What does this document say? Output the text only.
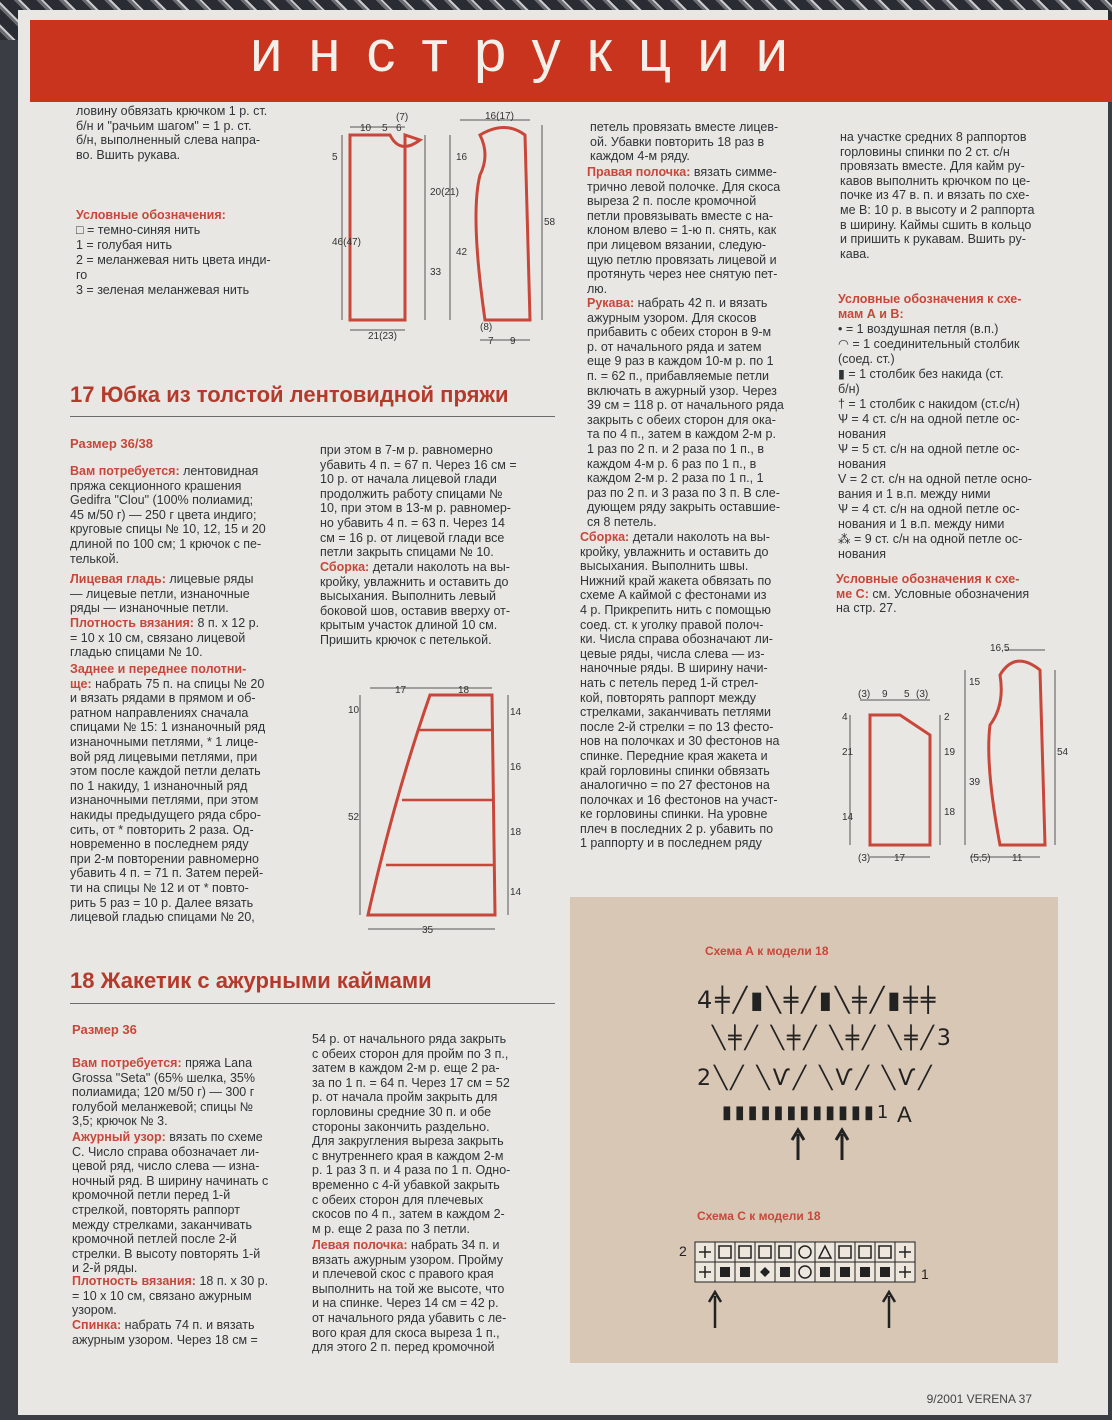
инструкции

ловину обвязать крючком 1 р. ст.
б/н и "рачьим шагом" = 1 р. ст.
б/н, выполненный слева напра-
во. Вшить рукава.

Условные обозначения:
□ = темно-синяя нить
1 = голубая нить
2 = меланжевая нить цвета инди-
го
3 = зеленая меланжевая нить
(7)
10 5 6
5
20(21)
46(47)
33
21(23)
16(17)
16
42
58
(8)
7 9

петель провязать вместе лицев-
ой. Убавки повторить 18 раз в
каждом 4-м ряду.

Правая полочка: вязать симме-
трично левой полочке. Для скоса
выреза 2 п. после кромочной
петли провязывать вместе с на-
клоном влево = 1-ю п. снять, как
при лицевом вязании, следую-
щую петлю провязать лицевой и
протянуть через нее снятую пет-
лю.

Рукава: набрать 42 п. и вязать
ажурным узором. Для скосов
прибавить с обеих сторон в 9-м
р. от начального ряда и затем
еще 9 раз в каждом 10-м р. по 1
п. = 62 п., прибавляемые петли
включать в ажурный узор. Через
39 см = 118 р. от начального ряда
закрыть с обеих сторон для ока-
та по 4 п., затем в каждом 2-м р.
1 раз по 2 п. и 2 раза по 1 п., в
каждом 4-м р. 6 раз по 1 п., в
каждом 2-м р. 2 раза по 1 п., 1
раз по 2 п. и 3 раза по 3 п. В сле-
дующем ряду закрыть оставшие-
ся 8 петель.

Сборка: детали наколоть на вы-
кройку, увлажнить и оставить до
высыхания. Выполнить швы.
Нижний край жакета обвязать по
схеме A каймой с фестонами из
4 р. Прикрепить нить с помощью
соед. ст. к уголку правой полоч-
ки. Числа справа обозначают ли-
цевые ряды, числа слева — из-
наночные ряды. В ширину начи-
нать с петель перед 1-й стрел-
кой, повторять раппорт между
стрелками, заканчивать петлями
после 2-й стрелки = по 13 фесто-
нов на полочках и 30 фестонов на
спинке. Передние края жакета и
край горловины спинки обвязать
аналогично = по 27 фестонов на
полочках и 16 фестонов на участ-
ке горловины спинки. На уровне
плеч в последних 2 р. убавить по
1 раппорту и в последнем ряду

на участке средних 8 раппортов
горловины спинки по 2 ст. с/н
провязать вместе. Для кайм ру-
кавов выполнить крючком по це-
почке из 47 в. п. и вязать по схе-
ме B: 10 р. в высоту и 2 раппорта
в ширину. Каймы сшить в кольцо
и пришить к рукавам. Вшить ру-
кава.

Условные обозначения к схе-
мам А и В:
• = 1 воздушная петля (в.п.)
◠ = 1 соединительный столбик
(соед. ст.)
▮ = 1 столбик без накида (ст.
б/н)
† = 1 столбик с накидом (ст.с/н)
Ѱ = 4 ст. с/н на одной петле ос-
нования
Ѱ = 5 ст. с/н на одной петле ос-
нования
V = 2 ст. с/н на одной петле осно-
вания и 1 в.п. между ними
Ѱ = 4 ст. с/н на одной петле ос-
нования и 1 в.п. между ними
⁂ = 9 ст. с/н на одной петле ос-
нования

Условные обозначения к схе-
ме С: см. Условные обозначения
на стр. 27.

16,5
(3) 9 5 (3)
4
21
14
2
19
18
39
54
15
(3) 17	(5,5) 11
17 Юбка из толстой лентовидной пряжи
Размер 36/38

Вам потребуется: лентовидная
пряжа секционного крашения
Gedifra "Clou" (100% полиамид;
45 м/50 г) — 250 г цвета индиго;
круговые спицы № 10, 12, 15 и 20
длиной по 100 см; 1 крючок с пе-
телькой.

Лицевая гладь: лицевые ряды
— лицевые петли, изнаночные
ряды — изнаночные петли.

Плотность вязания: 8 п. х 12 р.
= 10 х 10 см, связано лицевой
гладью спицами № 10.

Заднее и переднее полотни-
ще: набрать 75 п. на спицы № 20
и вязать рядами в прямом и об-
ратном направлениях сначала
спицами № 15: 1 изнаночный ряд
изнаночными петлями, * 1 лице-
вой ряд лицевыми петлями, при
этом после каждой петли делать
по 1 накиду, 1 изнаночный ряд
изнаночными петлями, при этом
накиды предыдущего ряда сбро-
сить, от * повторить 2 раза. Од-
новременно в последнем ряду
при 2-м повторении равномерно
убавить 4 п. = 71 п. Затем перей-
ти на спицы № 12 и от * повто-
рить 5 раз = 10 р. Далее вязать
лицевой гладью спицами № 20,

при этом в 7-м р. равномерно
убавить 4 п. = 67 п. Через 16 см =
10 р. от начала лицевой глади
продолжить работу спицами №
10, при этом в 13-м р. равномер-
но убавить 4 п. = 63 п. Через 14
см = 16 р. от лицевой глади все
петли закрыть спицами № 10.

Сборка: детали наколоть на вы-
кройку, увлажнить и оставить до
высыхания. Выполнить левый
боковой шов, оставив вверху от-
крытым участок длиной 10 см.
Пришить крючок с петелькой.

17	18
10	14
16
52
18
14
35
18 Жакетик с ажурными каймами
Размер 36

Вам потребуется: пряжа Lana
Grossa "Seta" (65% шелка, 35%
полиамида; 120 м/50 г) — 300 г
голубой меланжевой; спицы №
3,5; крючок № 3.

Ажурный узор: вязать по схеме
C. Число справа обозначает ли-
цевой ряд, число слева — изна-
ночный ряд. В ширину начинать с
кромочной петли перед 1-й
стрелкой, повторять раппорт
между стрелками, заканчивать
кромочной петлей после 2-й
стрелки. В высоту повторять 1-й
и 2-й ряды.

Плотность вязания: 18 п. х 30 р.
= 10 х 10 см, связано ажурным
узором.

Спинка: набрать 74 п. и вязать
ажурным узором. Через 18 см =

54 р. от начального ряда закрыть
с обеих сторон для пройм по 3 п.,
затем в каждом 2-м р. еще 2 ра-
за по 1 п. = 64 п. Через 17 см = 52
р. от начала пройм закрыть для
горловины средние 30 п. и обе
стороны закончить раздельно.
Для закругления выреза закрыть
с внутреннего края в каждом 2-м
р. 1 раз 3 п. и 4 раза по 1 п. Одно-
временно с 4-й убавкой закрыть
с обеих сторон для плечевых
скосов по 4 п., затем в каждом 2-
м р. еще 2 раза по 3 петли.

Левая полочка: набрать 34 п. и
вязать ажурным узором. Пройму
и плечевой скос с правого края
выполнить на той же высоте, что
и на спинке. Через 14 см = 42 р.
от начального ряда убавить с ле-
вого края для скоса выреза 1 п.,
для этого 2 п. перед кромочной

Схема А к модели 18
4╪╱▮╲╪╱▮╲╪╱▮╪╪
╲╪╱ ╲╪╱ ╲╪╱ ╲╪╱3
2╲╱ ╲Ѵ╱ ╲Ѵ╱ ╲Ѵ╱
▮▮▮▮▮▮▮▮▮▮▮▮1 A
Схема С к модели 18
2
1
9/2001 VERENA 37
